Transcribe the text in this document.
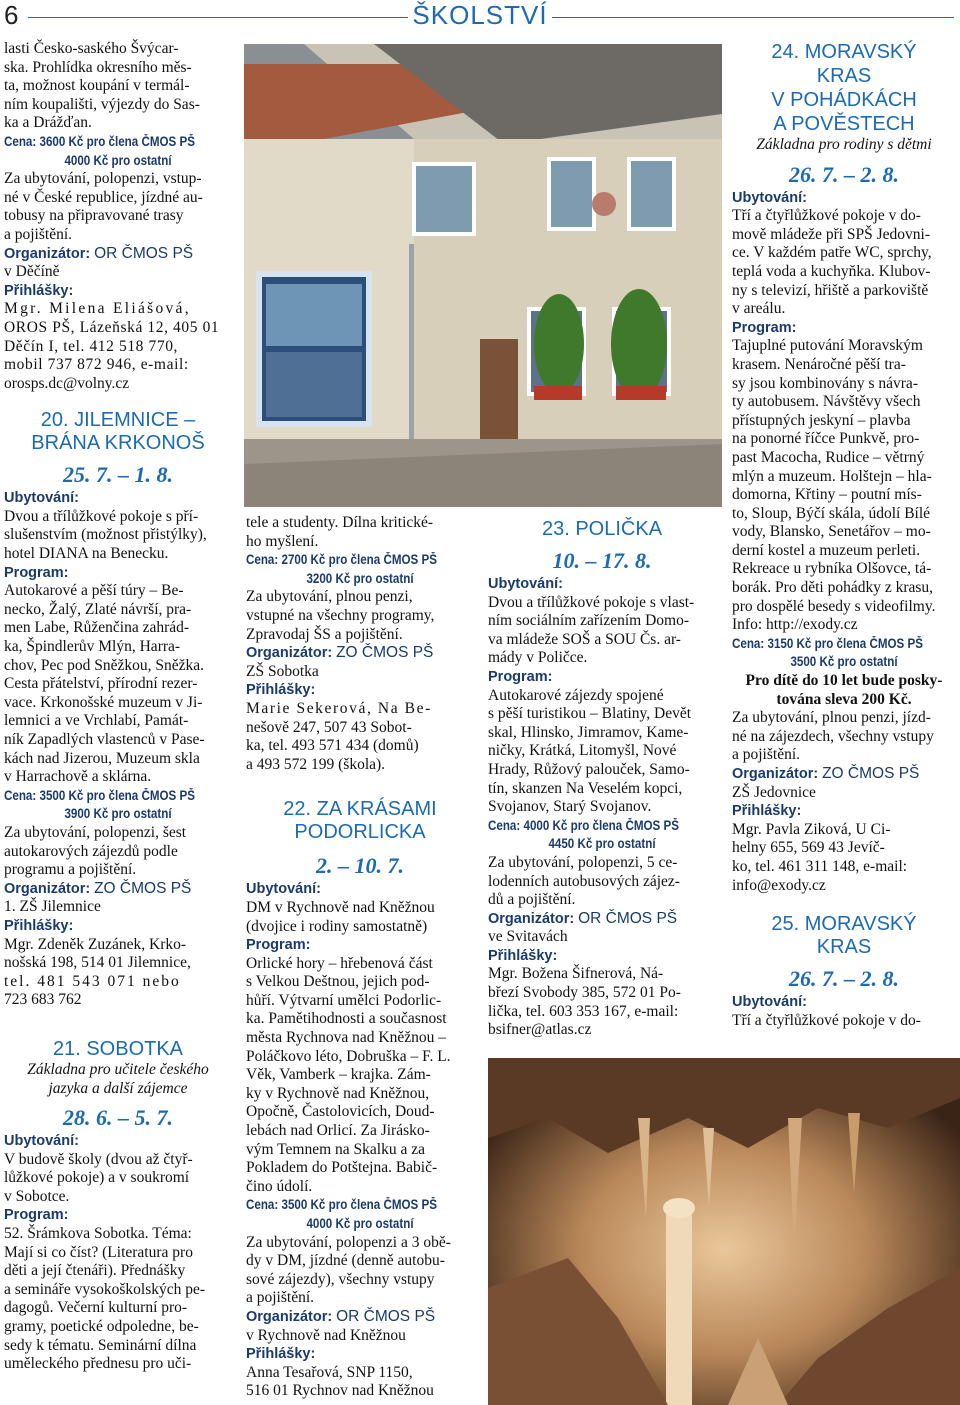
6	ŠKOLSTVÍ
lasti Česko-saského Švýcar-
ska. Prohlídka okresního měs-
ta, možnost koupání v termál-
ním koupališti, výjezdy do Sas-
ka a Drážďan.
Cena: 3600 Kč pro člena ČMOS PŠ
4000 Kč pro ostatní
Za ubytování, polopenzi, vstup-
né v České republice, jízdné au-
tobusy na připravované trasy
a pojištění.
Organizátor: OR ČMOS PŠ
v Děčíně
Přihlášky:
Mgr. Milena Eliášová,
OROS PŠ, Lázeňská 12, 405 01
Děčín I, tel. 412 518 770,
mobil 737 872 946, e-mail:
orosps.dc@volny.cz
20. JILEMNICE –
BRÁNA KRKONOŠ
25. 7. – 1. 8.
Ubytování:
Dvou a třílůžkové pokoje s pří-
slušenstvím (možnost přistýlky),
hotel DIANA na Benecku.
Program:
Autokarové a pěší túry – Be-
necko, Žalý, Zlaté návrší, pra-
men Labe, Růženčina zahrád-
ka, Špindlerův Mlýn, Harra-
chov, Pec pod Sněžkou, Sněžka.
Cesta přátelství, přírodní rezer-
vace. Krkonošské muzeum v Ji-
lemnici a ve Vrchlabí, Památ-
ník Zapadlých vlastenců v Pase-
kách nad Jizerou, Muzeum skla
v Harrachově a sklárna.
Cena: 3500 Kč pro člena ČMOS PŠ
3900 Kč pro ostatní
Za ubytování, polopenzi, šest
autokarových zájezdů podle
programu a pojištění.
Organizátor: ZO ČMOS PŠ
1. ZŠ Jilemnice
Přihlášky:
Mgr. Zdeněk Zuzánek, Krko-
nošská 198, 514 01 Jilemnice,
tel. 481 543 071 nebo
723 683 762
21. SOBOTKA
Základna pro učitele českého
jazyka a další zájemce
28. 6. – 5. 7.
Ubytování:
V budově školy (dvou až čtyř-
lůžkové pokoje) a v soukromí
v Sobotce.
Program:
52. Šrámkova Sobotka. Téma:
Mají si co číst? (Literatura pro
děti a její čtenáři). Přednášky
a semináře vysokoškolských pe-
dagogů. Večerní kulturní pro-
gramy, poetické odpoledne, be-
sedy k tématu. Seminární dílna
uměleckého přednesu pro uči-
tele a studenty. Dílna kritické-
ho myšlení.
Cena: 2700 Kč pro člena ČMOS PŠ
3200 Kč pro ostatní
Za ubytování, plnou penzi,
vstupné na všechny programy,
Zpravodaj ŠS a pojištění.
Organizátor: ZO ČMOS PŠ
ZŠ Sobotka
Přihlášky:
Marie Sekerová, Na Be-
nešově 247, 507 43 Sobot-
ka, tel. 493 571 434 (domů)
a 493 572 199 (škola).
22. ZA KRÁSAMI
PODORLICKA
2. – 10. 7.
Ubytování:
DM v Rychnově nad Kněžnou
(dvojice i rodiny samostatně)
Program:
Orlické hory – hřebenová část
s Velkou Deštnou, jejich pod-
hůří. Výtvarní umělci Podorlic-
ka. Pamětihodnosti a současnost
města Rychnova nad Kněžnou –
Poláčkovo léto, Dobruška – F. L.
Věk, Vamberk – krajka. Zám-
ky v Rychnově nad Kněžnou,
Opočně, Častolovicích, Doud-
lebách nad Orlicí. Za Jirásko-
vým Temnem na Skalku a za
Pokladem do Potštejna. Babič-
čino údolí.
Cena: 3500 Kč pro člena ČMOS PŠ
4000 Kč pro ostatní
Za ubytování, polopenzi a 3 obě-
dy v DM, jízdné (denně autobu-
sové zájezdy), všechny vstupy
a pojištění.
Organizátor: OR ČMOS PŠ
v Rychnově nad Kněžnou
Přihlášky:
Anna Tesařová, SNP 1150,
516 01 Rychnov nad Kněžnou
23. POLIČKA
10. – 17. 8.
Ubytování:
Dvou a třílůžkové pokoje s vlast-
ním sociálním zařízením Domo-
va mládeže SOŠ a SOU Čs. ar-
mády v Poličce.
Program:
Autokarové zájezdy spojené
s pěší turistikou – Blatiny, Devět
skal, Hlinsko, Jimramov, Kame-
ničky, Krátká, Litomyšl, Nové
Hrady, Růžový palouček, Samo-
tín, skanzen Na Veselém kopci,
Svojanov, Starý Svojanov.
Cena: 4000 Kč pro člena ČMOS PŠ
4450 Kč pro ostatní
Za ubytování, polopenzi, 5 ce-
lodenních autobusových zájez-
dů a pojištění.
Organizátor: OR ČMOS PŠ
ve Svitavách
Přihlášky:
Mgr. Božena Šifnerová, Ná-
březí Svobody 385, 572 01 Po-
lička, tel. 603 353 167, e-mail:
bsifner@atlas.cz
24. MORAVSKÝ
KRAS
V POHÁDKÁCH
A POVĚSTECH
Základna pro rodiny s dětmi
26. 7. – 2. 8.
Ubytování:
Tří a čtyřlůžkové pokoje v do-
mově mládeže při SPŠ Jedovni-
ce. V každém patře WC, sprchy,
teplá voda a kuchyňka. Klubov-
ny s televizí, hřiště a parkoviště
v areálu.
Program:
Tajuplné putování Moravským
krasem. Nenáročné pěší tra-
sy jsou kombinovány s návra-
ty autobusem. Návštěvy všech
přístupných jeskyní – plavba
na ponorné říčce Punkvě, pro-
past Macocha, Rudice – větrný
mlýn a muzeum. Holštejn – hla-
domorna, Křtiny – poutní mís-
to, Sloup, Býčí skála, údolí Bílé
vody, Blansko, Senetářov – mo-
derní kostel a muzeum perleti.
Rekreace u rybníka Olšovce, tá-
borák. Pro děti pohádky z krasu,
pro dospělé besedy s videofilmy.
Info: http://exody.cz
Cena: 3150 Kč pro člena ČMOS PŠ
3500 Kč pro ostatní
Pro dítě do 10 let bude posky-
tována sleva 200 Kč.
Za ubytování, plnou penzi, jízd-
né na zájezdech, všechny vstupy
a pojištění.
Organizátor: ZO ČMOS PŠ
ZŠ Jedovnice
Přihlášky:
Mgr. Pavla Ziková, U Ci-
helny 655, 569 43 Jevíč-
ko, tel. 461 311 148, e-mail:
info@exody.cz
25. MORAVSKÝ
KRAS
26. 7. – 2. 8.
Ubytování:
Tří a čtyřlůžkové pokoje v do-
